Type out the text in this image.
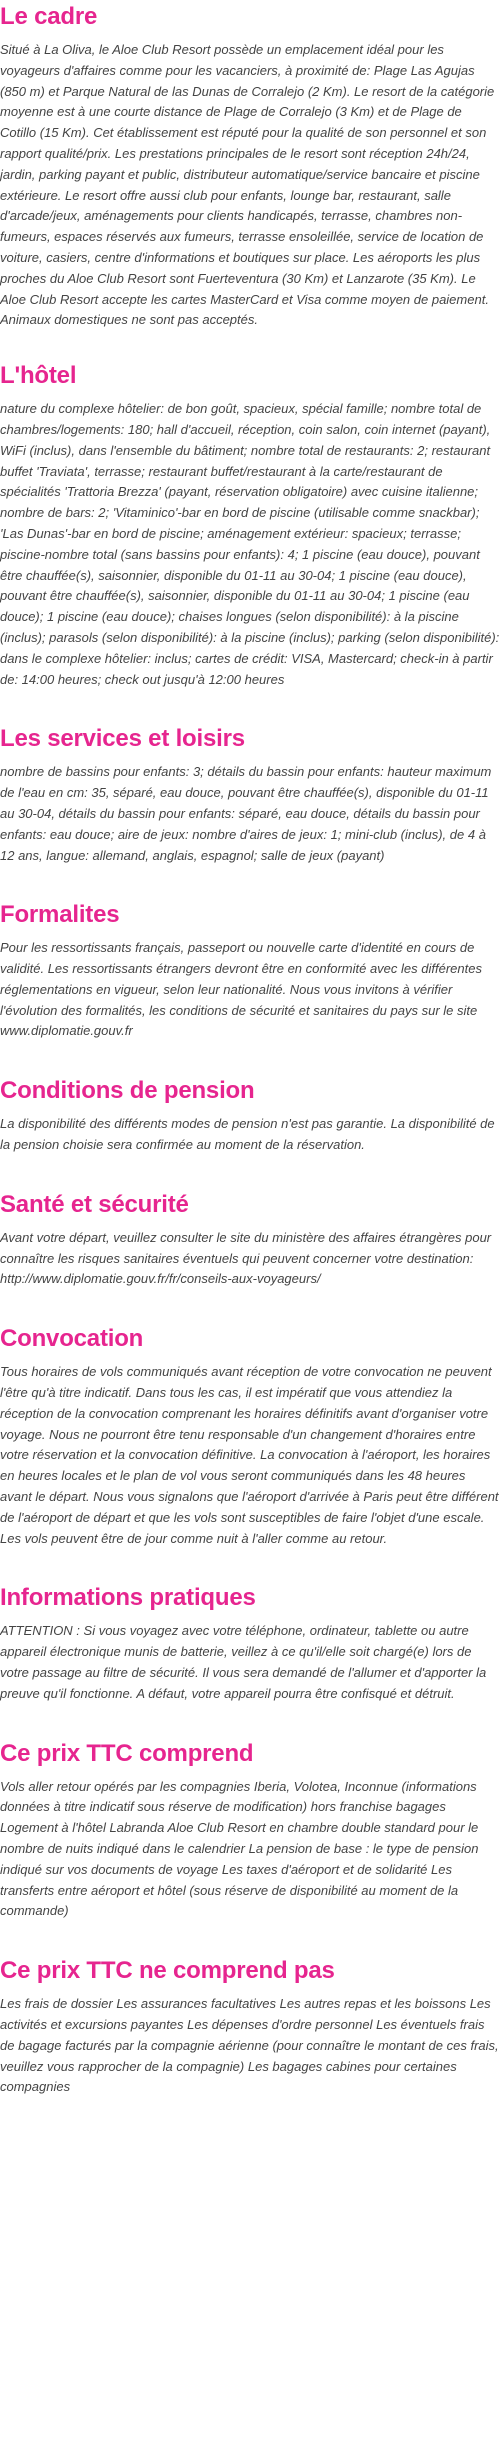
Le cadre

Situé à La Oliva, le Aloe Club Resort possède un emplacement idéal pour les voyageurs d'affaires comme pour les vacanciers, à proximité de: Plage Las Agujas (850 m) et Parque Natural de las Dunas de Corralejo (2 Km). Le resort de la catégorie moyenne est à une courte distance de Plage de Corralejo (3 Km) et de Plage de Cotillo (15 Km). Cet établissement est réputé pour la qualité de son personnel et son rapport qualité/prix. Les prestations principales de le resort sont réception 24h/24, jardin, parking payant et public, distributeur automatique/service bancaire et piscine extérieure. Le resort offre aussi club pour enfants, lounge bar, restaurant, salle d'arcade/jeux, aménagements pour clients handicapés, terrasse, chambres non-fumeurs, espaces réservés aux fumeurs, terrasse ensoleillée, service de location de voiture, casiers, centre d'informations et boutiques sur place. Les aéroports les plus proches du Aloe Club Resort sont Fuerteventura (30 Km) et Lanzarote (35 Km). Le Aloe Club Resort accepte les cartes MasterCard et Visa comme moyen de paiement. Animaux domestiques ne sont pas acceptés.

L'hôtel

nature du complexe hôtelier: de bon goût, spacieux, spécial famille; nombre total de chambres/logements: 180; hall d'accueil, réception, coin salon, coin internet (payant), WiFi (inclus), dans l'ensemble du bâtiment; nombre total de restaurants: 2; restaurant buffet 'Traviata', terrasse; restaurant buffet/restaurant à la carte/restaurant de spécialités 'Trattoria Brezza' (payant, réservation obligatoire) avec cuisine italienne; nombre de bars: 2; 'Vitaminico'-bar en bord de piscine (utilisable comme snackbar); 'Las Dunas'-bar en bord de piscine; aménagement extérieur: spacieux; terrasse; piscine-nombre total (sans bassins pour enfants): 4; 1 piscine (eau douce), pouvant être chauffée(s), saisonnier, disponible du 01-11 au 30-04; 1 piscine (eau douce), pouvant être chauffée(s), saisonnier, disponible du 01-11 au 30-04; 1 piscine (eau douce); 1 piscine (eau douce); chaises longues (selon disponibilité): à la piscine (inclus); parasols (selon disponibilité): à la piscine (inclus); parking (selon disponibilité): dans le complexe hôtelier: inclus; cartes de crédit: VISA, Mastercard; check-in à partir de: 14:00 heures; check out jusqu'à 12:00 heures

Les services et loisirs

nombre de bassins pour enfants: 3; détails du bassin pour enfants: hauteur maximum de l'eau en cm: 35, séparé, eau douce, pouvant être chauffée(s), disponible du 01-11 au 30-04, détails du bassin pour enfants: séparé, eau douce, détails du bassin pour enfants: eau douce; aire de jeux: nombre d'aires de jeux: 1; mini-club (inclus), de 4 à 12 ans, langue: allemand, anglais, espagnol; salle de jeux (payant)

Formalites

Pour les ressortissants français, passeport ou nouvelle carte d'identité en cours de validité. Les ressortissants étrangers devront être en conformité avec les différentes réglementations en vigueur, selon leur nationalité. Nous vous invitons à vérifier l'évolution des formalités, les conditions de sécurité et sanitaires du pays sur le site www.diplomatie.gouv.fr

Conditions de pension

La disponibilité des différents modes de pension n'est pas garantie. La disponibilité de la pension choisie sera confirmée au moment de la réservation.

Santé et sécurité

Avant votre départ, veuillez consulter le site du ministère des affaires étrangères pour connaître les risques sanitaires éventuels qui peuvent concerner votre destination: http://www.diplomatie.gouv.fr/fr/conseils-aux-voyageurs/

Convocation

Tous horaires de vols communiqués avant réception de votre convocation ne peuvent l'être qu'à titre indicatif. Dans tous les cas, il est impératif que vous attendiez la réception de la convocation comprenant les horaires définitifs avant d'organiser votre voyage. Nous ne pourront être tenu responsable d'un changement d'horaires entre votre réservation et la convocation définitive. La convocation à l'aéroport, les horaires en heures locales et le plan de vol vous seront communiqués dans les 48 heures avant le départ. Nous vous signalons que l'aéroport d'arrivée à Paris peut être différent de l'aéroport de départ et que les vols sont susceptibles de faire l'objet d'une escale. Les vols peuvent être de jour comme nuit à l'aller comme au retour.

Informations pratiques

ATTENTION : Si vous voyagez avec votre téléphone, ordinateur, tablette ou autre appareil électronique munis de batterie, veillez à ce qu'il/elle soit chargé(e) lors de votre passage au filtre de sécurité. Il vous sera demandé de l'allumer et d'apporter la preuve qu'il fonctionne. A défaut, votre appareil pourra être confisqué et détruit.

Ce prix TTC comprend

Vols aller retour opérés par les compagnies Iberia, Volotea, Inconnue (informations données à titre indicatif sous réserve de modification) hors franchise bagages Logement à l'hôtel Labranda Aloe Club Resort en chambre double standard pour le nombre de nuits indiqué dans le calendrier La pension de base : le type de pension indiqué sur vos documents de voyage Les taxes d'aéroport et de solidarité Les transferts entre aéroport et hôtel (sous réserve de disponibilité au moment de la commande)

Ce prix TTC ne comprend pas

Les frais de dossier Les assurances facultatives Les autres repas et les boissons Les activités et excursions payantes Les dépenses d'ordre personnel Les éventuels frais de bagage facturés par la compagnie aérienne (pour connaître le montant de ces frais, veuillez vous rapprocher de la compagnie) Les bagages cabines pour certaines compagnies
